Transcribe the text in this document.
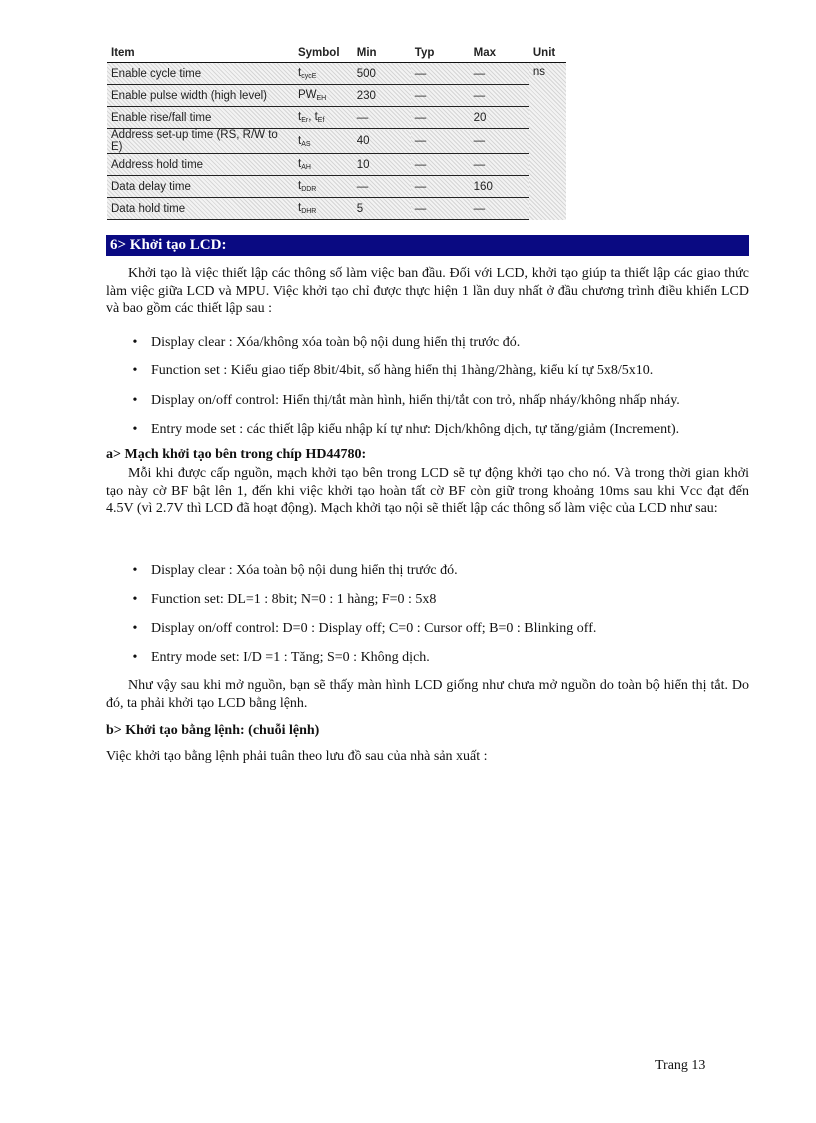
Item	Symbol	Min	Typ	Max	Unit
Enable cycle time	tcycE	500	—	—	ns
Enable pulse width (high level)	PWEH	230	—	—	
Enable rise/fall time	tEr, tEf	—	—	20	
Address set-up time (RS, $R/\overline{W}$ to E)	tAS	40	—	—	
Address hold time	tAH	10	—	—	
Data delay time	tDDR	—	—	160	
Data hold time	tDHR	5	—	—	
6> Khởi tạo LCD:

Khởi tạo là việc thiết lập các thông số làm việc ban đầu. Đối với LCD, khởi tạo giúp ta thiết lập các giao thức làm việc giữa LCD và MPU. Việc khởi tạo chỉ được thực hiện 1 lần duy nhất ở đầu chương trình điều khiển LCD và bao gồm các thiết lập sau :

• Display clear : Xóa/không xóa toàn bộ nội dung hiển thị trước đó.
• Function set : Kiểu giao tiếp 8bit/4bit, số hàng hiển thị 1hàng/2hàng, kiểu kí tự 5x8/5x10.
• Display on/off control: Hiển thị/tắt màn hình, hiển thị/tắt con trỏ, nhấp nháy/không nhấp nháy.
• Entry mode set : các thiết lập kiểu nhập kí tự như: Dịch/không dịch, tự tăng/giảm (Increment).
a> Mạch khởi tạo bên trong chíp HD44780:

Mỗi khi được cấp nguồn, mạch khởi tạo bên trong LCD sẽ tự động khởi tạo cho nó. Và trong thời gian khởi tạo này cờ BF bật lên 1, đến khi việc khởi tạo hoàn tất cờ BF còn giữ trong khoảng 10ms sau khi Vcc đạt đến 4.5V (vì 2.7V thì LCD đã hoạt động). Mạch khởi tạo nội sẽ thiết lập các thông số làm việc của LCD như sau:

• Display clear : Xóa toàn bộ nội dung hiển thị trước đó.
• Function set: DL=1 : 8bit; N=0 : 1 hàng; F=0 : 5x8
• Display on/off control: D=0 : Display off; C=0 : Cursor off; B=0 : Blinking off.
• Entry mode set: I/D =1 : Tăng; S=0 : Không dịch.

Như vậy sau khi mở nguồn, bạn sẽ thấy màn hình LCD giống như chưa mở nguồn do toàn bộ hiển thị tắt. Do đó, ta phải khởi tạo LCD bằng lệnh.

b> Khởi tạo bằng lệnh: (chuỗi lệnh)

Việc khởi tạo bằng lệnh phải tuân theo lưu đồ sau của nhà sản xuất :

Trang 13
